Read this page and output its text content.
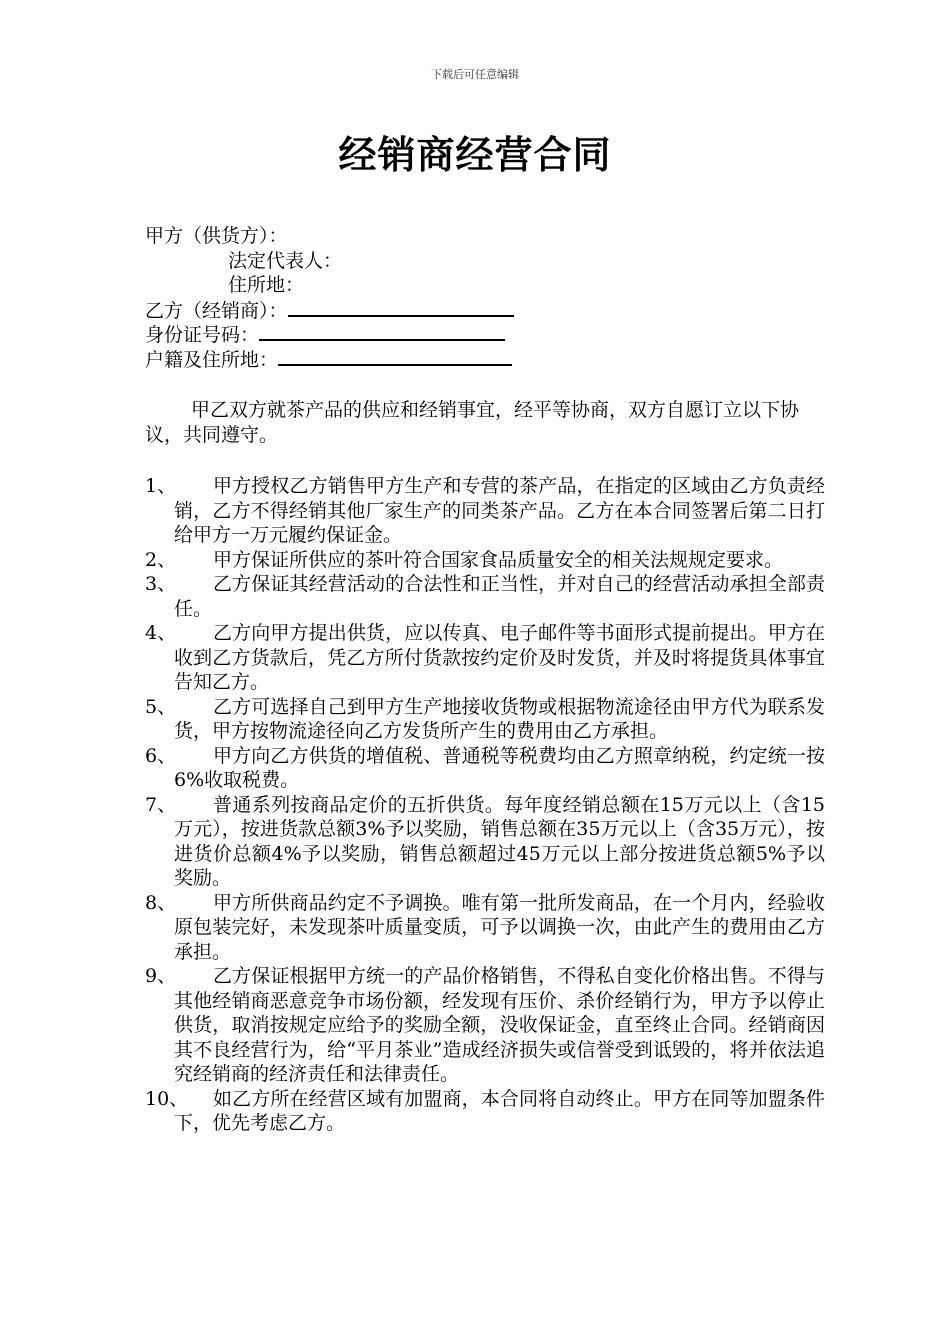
下载后可任意编辑
经销商经营合同
甲方（供货方）：
法定代表人：
住所地：
乙方（经销商）：
身份证号码：
户籍及住所地：
甲乙双方就茶产品的供应和经销事宜，经平等协商，双方自愿订立以下协议，共同遵守。
1、	甲方授权乙方销售甲方生产和专营的茶产品，在指定的区域由乙方负责经销，乙方不得经销其他厂家生产的同类茶产品。乙方在本合同签署后第二日打给甲方一万元履约保证金。
2、	甲方保证所供应的茶叶符合国家食品质量安全的相关法规规定要求。
3、	乙方保证其经营活动的合法性和正当性，并对自己的经营活动承担全部责任。
4、	乙方向甲方提出供货，应以传真、电子邮件等书面形式提前提出。甲方在收到乙方货款后，凭乙方所付货款按约定价及时发货，并及时将提货具体事宜告知乙方。
5、	乙方可选择自己到甲方生产地接收货物或根据物流途径由甲方代为联系发货，甲方按物流途径向乙方发货所产生的费用由乙方承担。
6、	甲方向乙方供货的增值税、普通税等税费均由乙方照章纳税，约定统一按6%收取税费。
7、	普通系列按商品定价的五折供货。每年度经销总额在15万元以上（含15万元），按进货款总额3%予以奖励，销售总额在35万元以上（含35万元），按进货价总额4%予以奖励，销售总额超过45万元以上部分按进货总额5%予以奖励。
8、	甲方所供商品约定不予调换。唯有第一批所发商品，在一个月内，经验收原包装完好，未发现茶叶质量变质，可予以调换一次，由此产生的费用由乙方承担。
9、	乙方保证根据甲方统一的产品价格销售，不得私自变化价格出售。不得与其他经销商恶意竞争市场份额，经发现有压价、杀价经销行为，甲方予以停止供货，取消按规定应给予的奖励全额，没收保证金，直至终止合同。经销商因其不良经营行为，给“平月茶业”造成经济损失或信誉受到诋毁的，将并依法追究经销商的经济责任和法律责任。
10、	如乙方所在经营区域有加盟商，本合同将自动终止。甲方在同等加盟条件下，优先考虑乙方。
